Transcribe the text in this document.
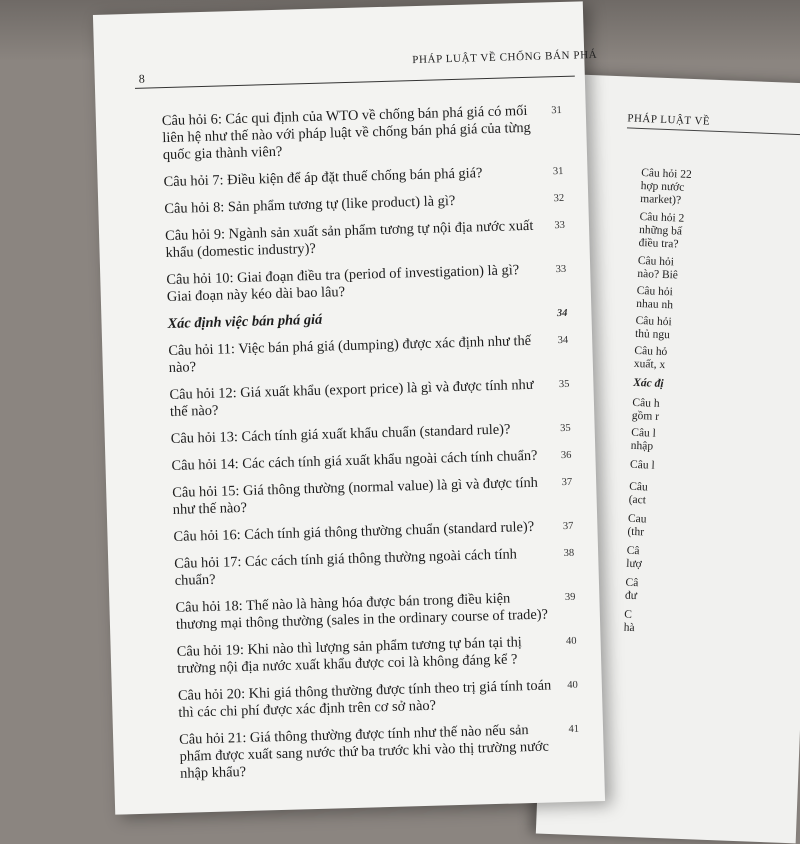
PHÁP LUẬT VỀ
Câu hỏi 22
hợp nước
market)?
Câu hỏi 2
những bấ
điều tra?
Câu hỏi
nào? Biê
Câu hỏi
nhau nh
Câu hỏi
thủ ngu
Câu hỏ
xuất, x
Xác đị
Câu h
gồm r
Câu l
nhập
Câu l
Câu
(act
Cau
(thr
Câ
lượ
Câ
đư
C
hà
8
PHÁP LUẬT VỀ CHỐNG BÁN PHÁ
Câu hỏi 6: Các qui định của WTO về chống bán phá giá có mối liên hệ như thế nào với pháp luật về chống bán phá giá của từng quốc gia thành viên?
31
Câu hỏi 7: Điều kiện để áp đặt thuế chống bán phá giá?	31
Câu hỏi 8: Sản phẩm tương tự (like product) là gì?	32
Câu hỏi 9: Ngành sản xuất sản phẩm tương tự nội địa nước xuất khẩu (domestic industry)?
33
Câu hỏi 10: Giai đoạn điều tra (period of investigation) là gì? Giai đoạn này kéo dài bao lâu?
33
Xác định việc bán phá giá	34
Câu hỏi 11: Việc bán phá giá (dumping) được xác định như thế nào?
34
Câu hỏi 12: Giá xuất khẩu (export price) là gì và được tính như thế nào?
35
Câu hỏi 13: Cách tính giá xuất khẩu chuẩn (standard rule)?	35
Câu hỏi 14: Các cách tính giá xuất khẩu ngoài cách tính chuẩn? 36
Câu hỏi 15: Giá thông thường (normal value) là gì và được tính như thế nào?
37
Câu hỏi 16: Cách tính giá thông thường chuẩn (standard rule)?	37
Câu hỏi 17: Các cách tính giá thông thường ngoài cách tính chuẩn?
38
Câu hỏi 18: Thế nào là hàng hóa được bán trong điều kiện thương mại thông thường (sales in the ordinary course of trade)?
39
Câu hỏi 19: Khi nào thì lượng sản phẩm tương tự bán tại thị trường nội địa nước xuất khẩu được coi là không đáng kể ?
40
Câu hỏi 20: Khi giá thông thường được tính theo trị giá tính toán thì các chi phí được xác định trên cơ sở nào?
40
Câu hỏi 21: Giá thông thường được tính như thế nào nếu sản phẩm được xuất sang nước thứ ba trước khi vào thị trường nước nhập khẩu?
41
